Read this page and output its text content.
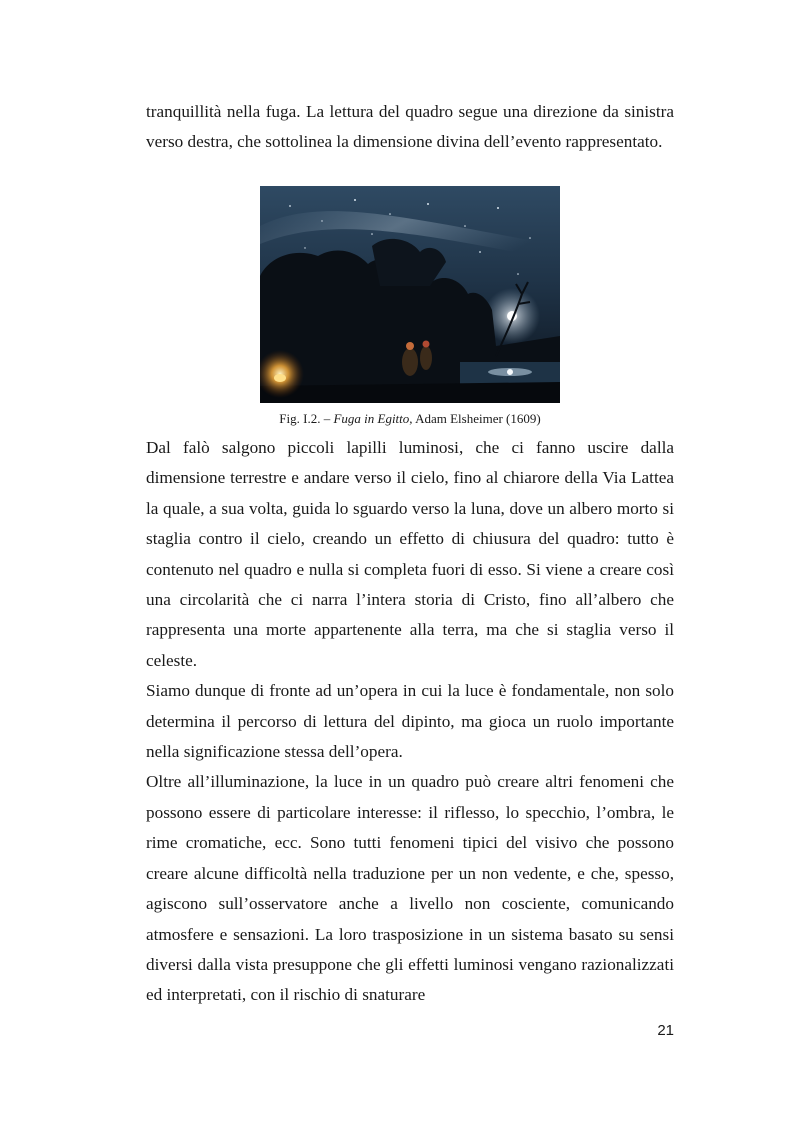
tranquillità nella fuga. La lettura del quadro segue una direzione da sinistra verso destra, che sottolinea la dimensione divina dell’evento rappresentato.

Fig. I.2. – Fuga in Egitto, Adam Elsheimer (1609)

Dal falò salgono piccoli lapilli luminosi, che ci fanno uscire dalla dimensione terrestre e andare verso il cielo, fino al chiarore della Via Lattea la quale, a sua volta, guida lo sguardo verso la luna, dove un albero morto si staglia contro il cielo, creando un effetto di chiusura del quadro: tutto è contenuto nel quadro e nulla si completa fuori di esso. Si viene a creare così una circolarità che ci narra l’intera storia di Cristo, fino all’albero che rappresenta una morte appartenente alla terra, ma che si staglia verso il celeste.

Siamo dunque di fronte ad un’opera in cui la luce è fondamentale, non solo determina il percorso di lettura del dipinto, ma gioca un ruolo importante nella significazione stessa dell’opera.

Oltre all’illuminazione, la luce in un quadro può creare altri fenomeni che possono essere di particolare interesse: il riflesso, lo specchio, l’ombra, le rime cromatiche, ecc. Sono tutti fenomeni tipici del visivo che possono creare alcune difficoltà nella traduzione per un non vedente, e che, spesso, agiscono sull’osservatore anche a livello non cosciente, comunicando atmosfere e sensazioni. La loro trasposizione in un sistema basato su sensi diversi dalla vista presuppone che gli effetti luminosi vengano razionalizzati ed interpretati, con il rischio di snaturare

21
